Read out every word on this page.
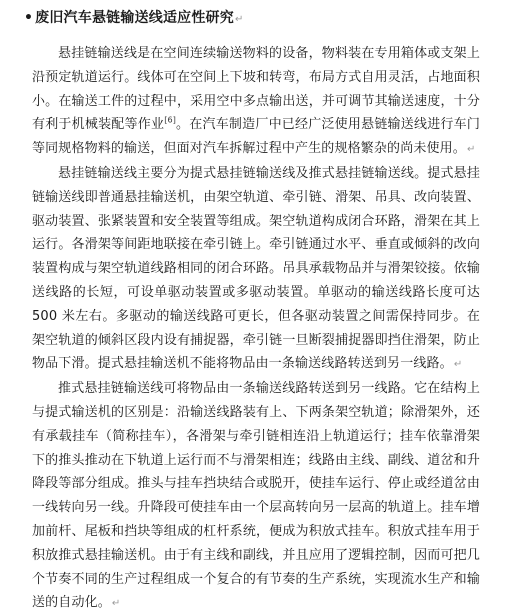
• 废旧汽车悬链输送线适应性研究↵

悬挂链输送线是在空间连续输送物料的设备，物料装在专用箱体或支架上沿预定轨道运行。线体可在空间上下坡和转弯，布局方式自用灵活，占地面积小。在输送工件的过程中，采用空中多点输出送，并可调节其输送速度，十分有利于机械装配等作业[6]。在汽车制造厂中已经广泛使用悬链输送线进行车门等同规格物料的输送，但面对汽车拆解过程中产生的规格繁杂的尚未使用。↵

悬挂链输送线主要分为提式悬挂链输送线及推式悬挂链输送线。提式悬挂链输送线即普通悬挂输送机，由架空轨道、牵引链、滑架、吊具、改向装置、驱动装置、张紧装置和安全装置等组成。架空轨道构成闭合环路，滑架在其上运行。各滑架等间距地联接在牵引链上。牵引链通过水平、垂直或倾斜的改向装置构成与架空轨道线路相同的闭合环路。吊具承载物品并与滑架铰接。依输送线路的长短，可设单驱动装置或多驱动装置。单驱动的输送线路长度可达500 米左右。多驱动的输送线路可更长，但各驱动装置之间需保持同步。在架空轨道的倾斜区段内设有捕捉器，牵引链一旦断裂捕捉器即挡住滑架，防止物品下滑。提式悬挂输送机不能将物品由一条输送线路转送到另一线路。↵

推式悬挂链输送线可将物品由一条输送线路转送到另一线路。它在结构上与提式输送机的区别是：沿输送线路装有上、下两条架空轨道；除滑架外，还有承载挂车（简称挂车），各滑架与牵引链相连沿上轨道运行；挂车依靠滑架下的推头推动在下轨道上运行而不与滑架相连；线路由主线、副线、道岔和升降段等部分组成。推头与挂车挡块结合或脱开，使挂车运行、停止或经道岔由一线转向另一线。升降段可使挂车由一个层高转向另一层高的轨道上。挂车增加前杆、尾板和挡块等组成的杠杆系统，便成为积放式挂车。积放式挂车用于积放推式悬挂输送机。由于有主线和副线，并且应用了逻辑控制，因而可把几个节奏不同的生产过程组成一个复合的有节奏的生产系统，实现流水生产和输送的自动化。↵
